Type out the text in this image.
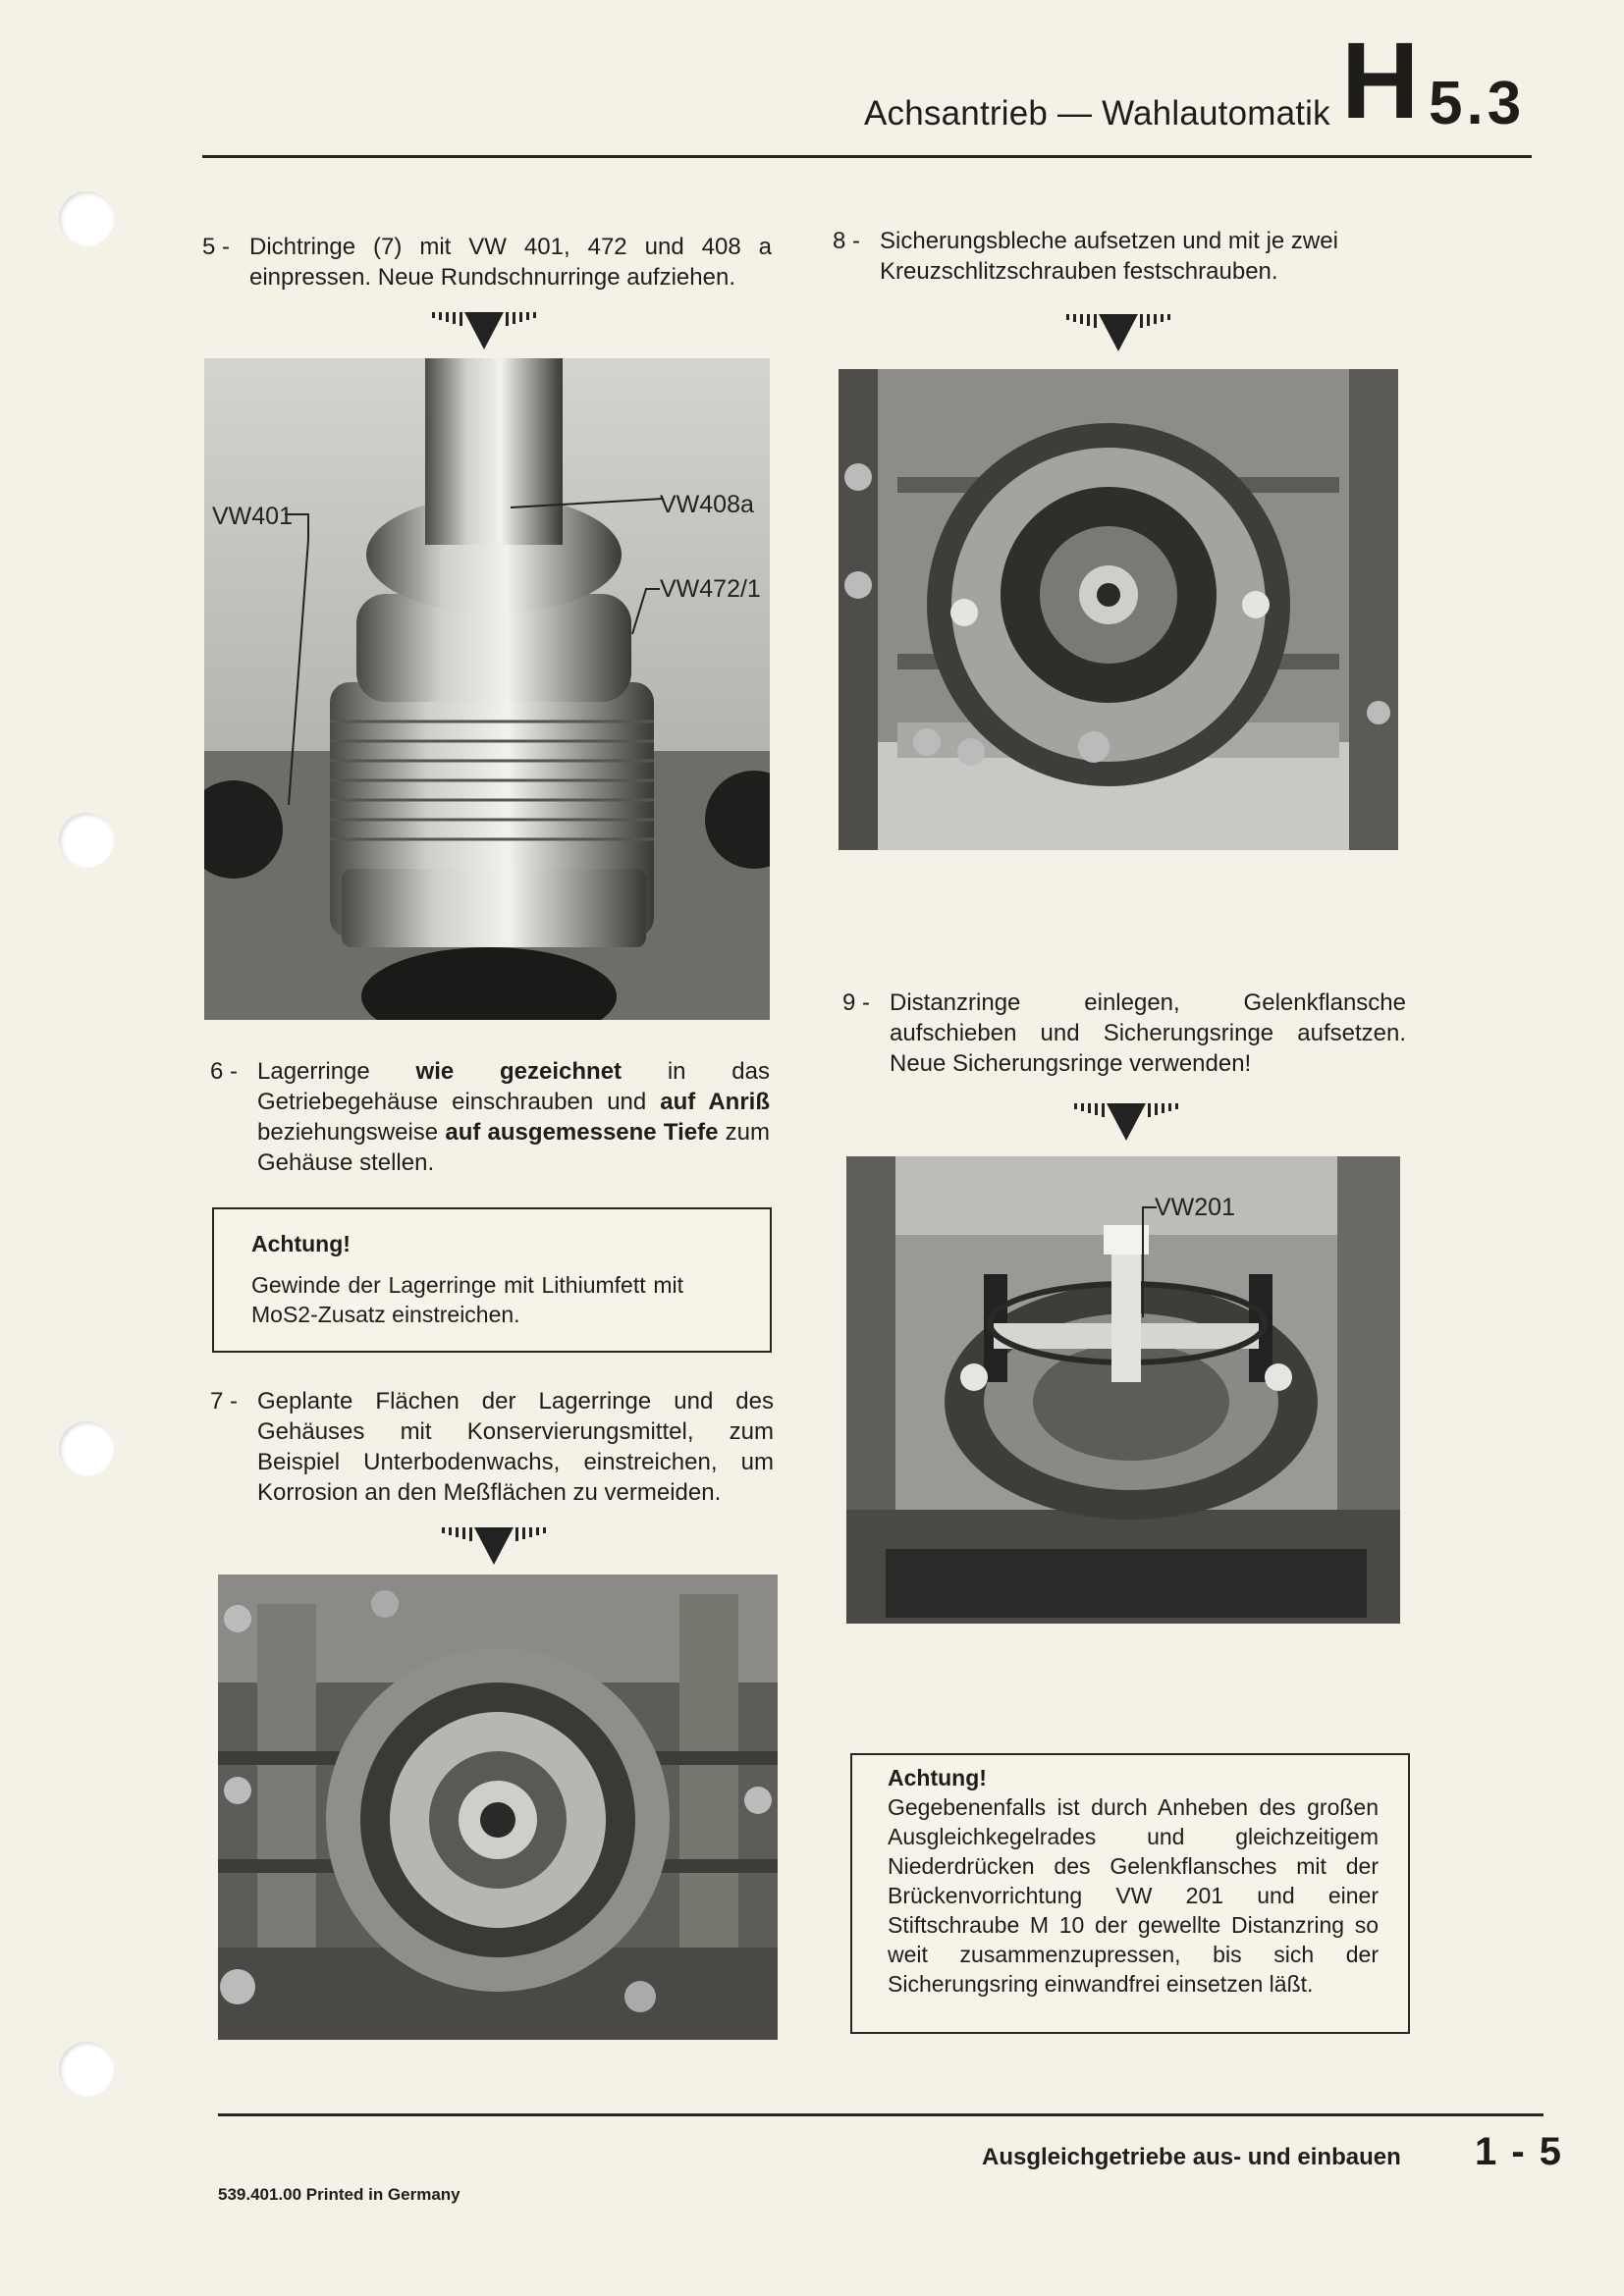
Achsantrieb — Wahlautomatik H 5.3
5 - Dichtringe (7) mit VW 401, 472 und 408 a einpressen. Neue Rundschnurringe aufziehen.
VW401	VW408a
VW472/1
6 - Lagerringe wie gezeichnet in das Getriebegehäuse einschrauben und auf Anriß beziehungsweise auf ausgemessene Tiefe zum Gehäuse stellen.
Achtung!
Gewinde der Lagerringe mit Lithiumfett mit MoS2-Zusatz einstreichen.
7 - Geplante Flächen der Lagerringe und des Gehäuses mit Konservierungsmittel, zum Beispiel Unterbodenwachs, einstreichen, um Korrosion an den Meßflächen zu vermeiden.
8 - Sicherungsbleche aufsetzen und mit je zwei Kreuzschlitzschrauben festschrauben.
9 - Distanzringe einlegen, Gelenkflansche aufschieben und Sicherungsringe aufsetzen. Neue Sicherungsringe verwenden!
VW201
Achtung!
Gegebenenfalls ist durch Anheben des großen Ausgleichkegelrades und gleichzeitigem Niederdrücken des Gelenkflansches mit der Brückenvorrichtung VW 201 und einer Stiftschraube M 10 der gewellte Distanzring so weit zusammenzupressen, bis sich der Sicherungsring einwandfrei einsetzen läßt.
Ausgleichgetriebe aus- und einbauen 1 - 5
539.401.00 Printed in Germany
